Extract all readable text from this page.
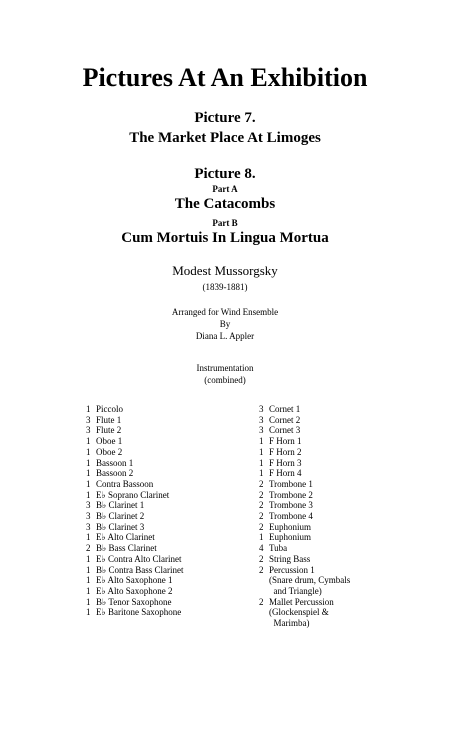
Pictures At An Exhibition
Picture 7.
The Market Place At Limoges
Picture 8.
Part A
The Catacombs
Part B
Cum Mortuis In Lingua Mortua
Modest Mussorgsky
(1839-1881)
Arranged for Wind Ensemble
By
Diana L. Appler
Instrumentation
(combined)
1 Piccolo
3 Flute 1
3 Flute 2
1 Oboe 1
1 Oboe 2
1 Bassoon 1
1 Bassoon 2
1 Contra Bassoon
1 E♭ Soprano Clarinet
3 B♭ Clarinet 1
3 B♭ Clarinet 2
3 B♭ Clarinet 3
1 E♭ Alto Clarinet
2 B♭ Bass Clarinet
1 E♭ Contra Alto Clarinet
1 B♭ Contra Bass Clarinet
1 E♭ Alto Saxophone 1
1 E♭ Alto Saxophone 2
1 B♭ Tenor Saxophone
1 E♭ Baritone Saxophone
3 Cornet 1
3 Cornet 2
3 Cornet 3
1 F Horn 1
1 F Horn 2
1 F Horn 3
1 F Horn 4
2 Trombone 1
2 Trombone 2
2 Trombone 3
2 Trombone 4
2 Euphonium
1 Euphonium
4 Tuba
2 String Bass
2 Percussion 1
(Snare drum, Cymbals
and Triangle)
2 Mallet Percussion
(Glockenspiel &
Marimba)
